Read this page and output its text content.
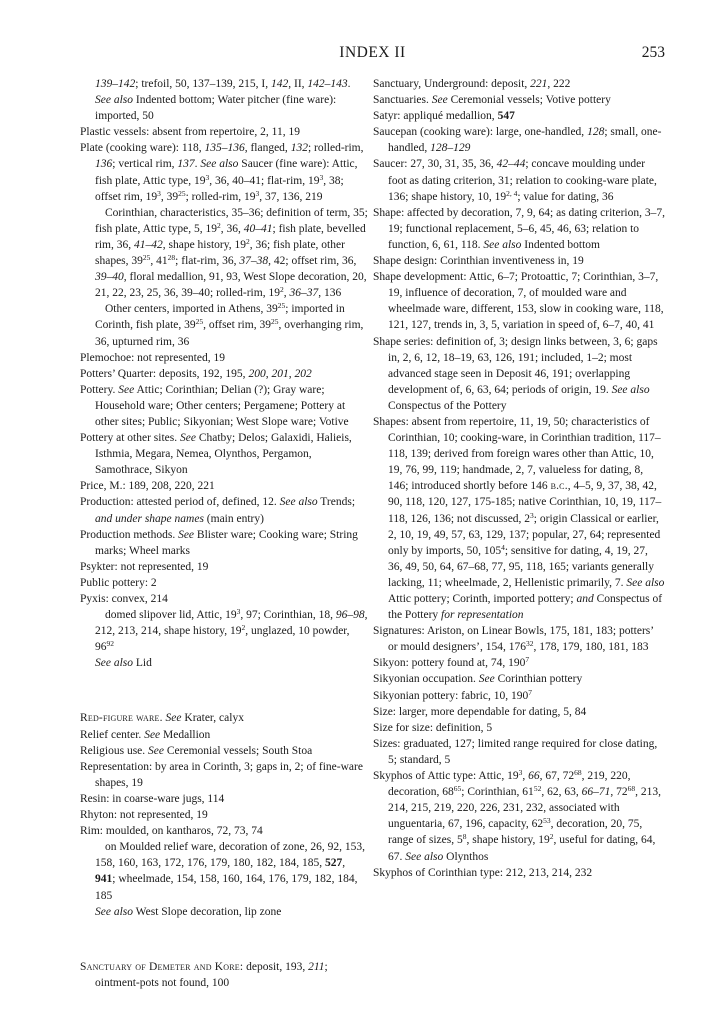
INDEX II	253

139–142; trefoil, 50, 137–139, 215, I, 142, II, 142–143. See also Indented bottom; Water pitcher (fine ware): imported, 50

Plastic vessels: absent from repertoire, 2, 11, 19

Plate (cooking ware): 118, 135–136, flanged, 132; rolled-rim, 136; vertical rim, 137. See also Saucer (fine ware): Attic, fish plate, Attic type, $19^3$, 36, 40–41; flat-rim, $19^3$, 38; offset rim, $19^3$, $39^{25}$; rolled-rim, $19^3$, 37, 136, 219

Corinthian, characteristics, 35–36; definition of term, 35; fish plate, Attic type, 5, $19^2$, 36, 40–41; fish plate, bevelled rim, 36, 41–42, shape history, $19^2$, 36; fish plate, other shapes, $39^{25}$, $41^{28}$; flat-rim, 36, 37–38, 42; offset rim, 36, 39–40, floral medallion, 91, 93, West Slope decoration, 20, 21, 22, 23, 25, 36, 39–40; rolled-rim, $19^2$, 36–37, 136

Other centers, imported in Athens, $39^{25}$; imported in Corinth, fish plate, $39^{25}$, offset rim, $39^{25}$, overhanging rim, 36, upturned rim, 36

Plemochoe: not represented, 19

Potters’ Quarter: deposits, 192, 195, 200, 201, 202

Pottery. See Attic; Corinthian; Delian (?); Gray ware; Household ware; Other centers; Pergamene; Pottery at other sites; Public; Sikyonian; West Slope ware; Votive

Pottery at other sites. See Chatby; Delos; Galaxidi, Halieis, Isthmia, Megara, Nemea, Olynthos, Pergamon, Samothrace, Sikyon

Price, M.: 189, 208, 220, 221

Production: attested period of, defined, 12. See also Trends; and under shape names (main entry)

Production methods. See Blister ware; Cooking ware; String marks; Wheel marks

Psykter: not represented, 19

Public pottery: 2

Pyxis: convex, 214

domed slipover lid, Attic, $19^3$, 97; Corinthian, 18, 96–98, 212, 213, 214, shape history, $19^2$, unglazed, 10 powder, $96^{92}$

See also Lid

Red-figure ware. See Krater, calyx

Relief center. See Medallion

Religious use. See Ceremonial vessels; South Stoa

Representation: by area in Corinth, 3; gaps in, 2; of fine-ware shapes, 19

Resin: in coarse-ware jugs, 114

Rhyton: not represented, 19

Rim: moulded, on kantharos, 72, 73, 74

on Moulded relief ware, decoration of zone, 26, 92, 153, 158, 160, 163, 172, 176, 179, 180, 182, 184, 185, 527, 941; wheelmade, 154, 158, 160, 164, 176, 179, 182, 184, 185

See also West Slope decoration, lip zone

Sanctuary of Demeter and Kore: deposit, 193, 211; ointment-pots not found, 100

Sanctuary, Underground: deposit, 221, 222

Sanctuaries. See Ceremonial vessels; Votive pottery

Satyr: appliqué medallion, 547

Saucepan (cooking ware): large, one-handled, 128; small, one-handled, 128–129

Saucer: 27, 30, 31, 35, 36, 42–44; concave moulding under foot as dating criterion, 31; relation to cooking-ware plate, 136; shape history, 10, 19$^{2, 4}$; value for dating, 36

Shape: affected by decoration, 7, 9, 64; as dating criterion, 3–7, 19; functional replacement, 5–6, 45, 46, 63; relation to function, 6, 61, 118. See also Indented bottom

Shape design: Corinthian inventiveness in, 19

Shape development: Attic, 6–7; Protoattic, 7; Corinthian, 3–7, 19, influence of decoration, 7, of moulded ware and wheelmade ware, different, 153, slow in cooking ware, 118, 121, 127, trends in, 3, 5, variation in speed of, 6–7, 40, 41

Shape series: definition of, 3; design links between, 3, 6; gaps in, 2, 6, 12, 18–19, 63, 126, 191; included, 1–2; most advanced stage seen in Deposit 46, 191; overlapping development of, 6, 63, 64; periods of origin, 19. See also Conspectus of the Pottery

Shapes: absent from repertoire, 11, 19, 50; characteristics of Corinthian, 10; cooking-ware, in Corinthian tradition, 117–118, 139; derived from foreign wares other than Attic, 10, 19, 76, 99, 119; handmade, 2, 7, valueless for dating, 8, 146; introduced shortly before 146 b.c., 4–5, 9, 37, 38, 42, 90, 118, 120, 127, 175-185; native Corinthian, 10, 19, 117–118, 126, 136; not discussed, $2^3$; origin Classical or earlier, 2, 10, 19, 49, 57, 63, 129, 137; popular, 27, 64; represented only by imports, 50, $105^4$; sensitive for dating, 4, 19, 27, 36, 49, 50, 64, 67–68, 77, 95, 118, 165; variants generally lacking, 11; wheelmade, 2, Hellenistic primarily, 7. See also Attic pottery; Corinth, imported pottery; and Conspectus of the Pottery for representation

Signatures: Ariston, on Linear Bowls, 175, 181, 183; potters’ or mould designers’, 154, $176^{32}$, 178, 179, 180, 181, 183

Sikyon: pottery found at, 74, $190^7$

Sikyonian occupation. See Corinthian pottery

Sikyonian pottery: fabric, 10, $190^7$

Size: larger, more dependable for dating, 5, 84

Size for size: definition, 5

Sizes: graduated, 127; limited range required for close dating, 5; standard, 5

Skyphos of Attic type: Attic, $19^3$, 66, 67, $72^{68}$, 219, 220, decoration, $68^{65}$; Corinthian, $61^{52}$, 62, 63, 66–71, $72^{68}$, 213, 214, 215, 219, 220, 226, 231, 232, associated with unguentaria, 67, 196, capacity, $62^{53}$, decoration, 20, 75, range of sizes, $5^8$, shape history, $19^2$, useful for dating, 64, 67. See also Olynthos

Skyphos of Corinthian type: 212, 213, 214, 232
